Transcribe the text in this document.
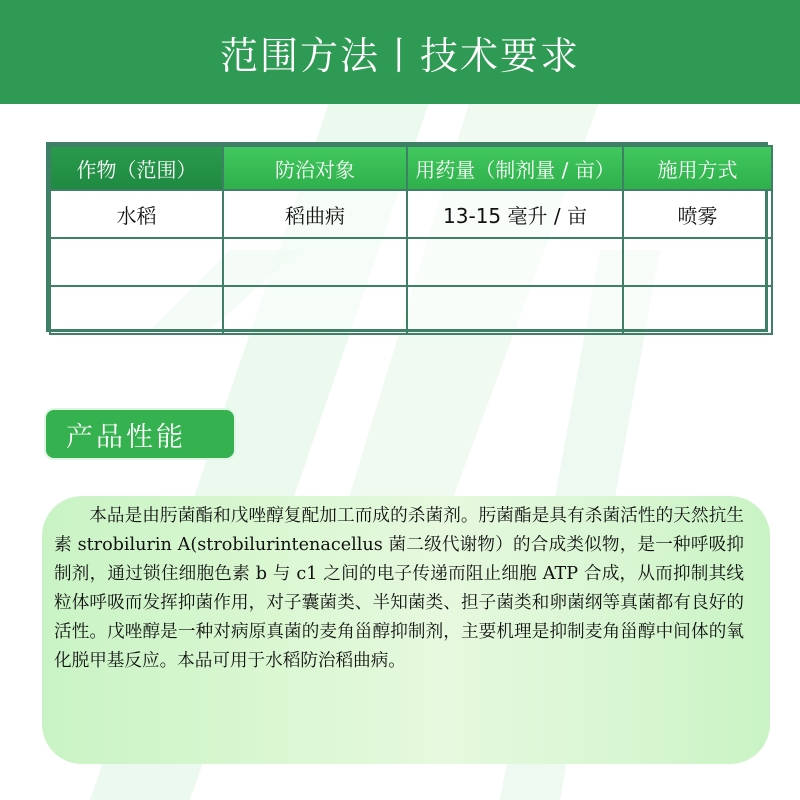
范围方法丨技术要求
作物（范围）	防治对象	用药量（制剂量 / 亩）	施用方式
水稻	稻曲病	13-15 毫升 / 亩	喷雾

产品性能

本品是由肟菌酯和戊唑醇复配加工而成的杀菌剂。肟菌酯是具有杀菌活性的天然抗生素 strobilurin A(strobilurintenacellus 菌二级代谢物）的合成类似物，是一种呼吸抑制剂，通过锁住细胞色素 b 与 c1 之间的电子传递而阻止细胞 ATP 合成，从而抑制其线粒体呼吸而发挥抑菌作用，对子囊菌类、半知菌类、担子菌类和卵菌纲等真菌都有良好的活性。戊唑醇是一种对病原真菌的麦角甾醇抑制剂，主要机理是抑制麦角甾醇中间体的氧化脱甲基反应。本品可用于水稻防治稻曲病。
